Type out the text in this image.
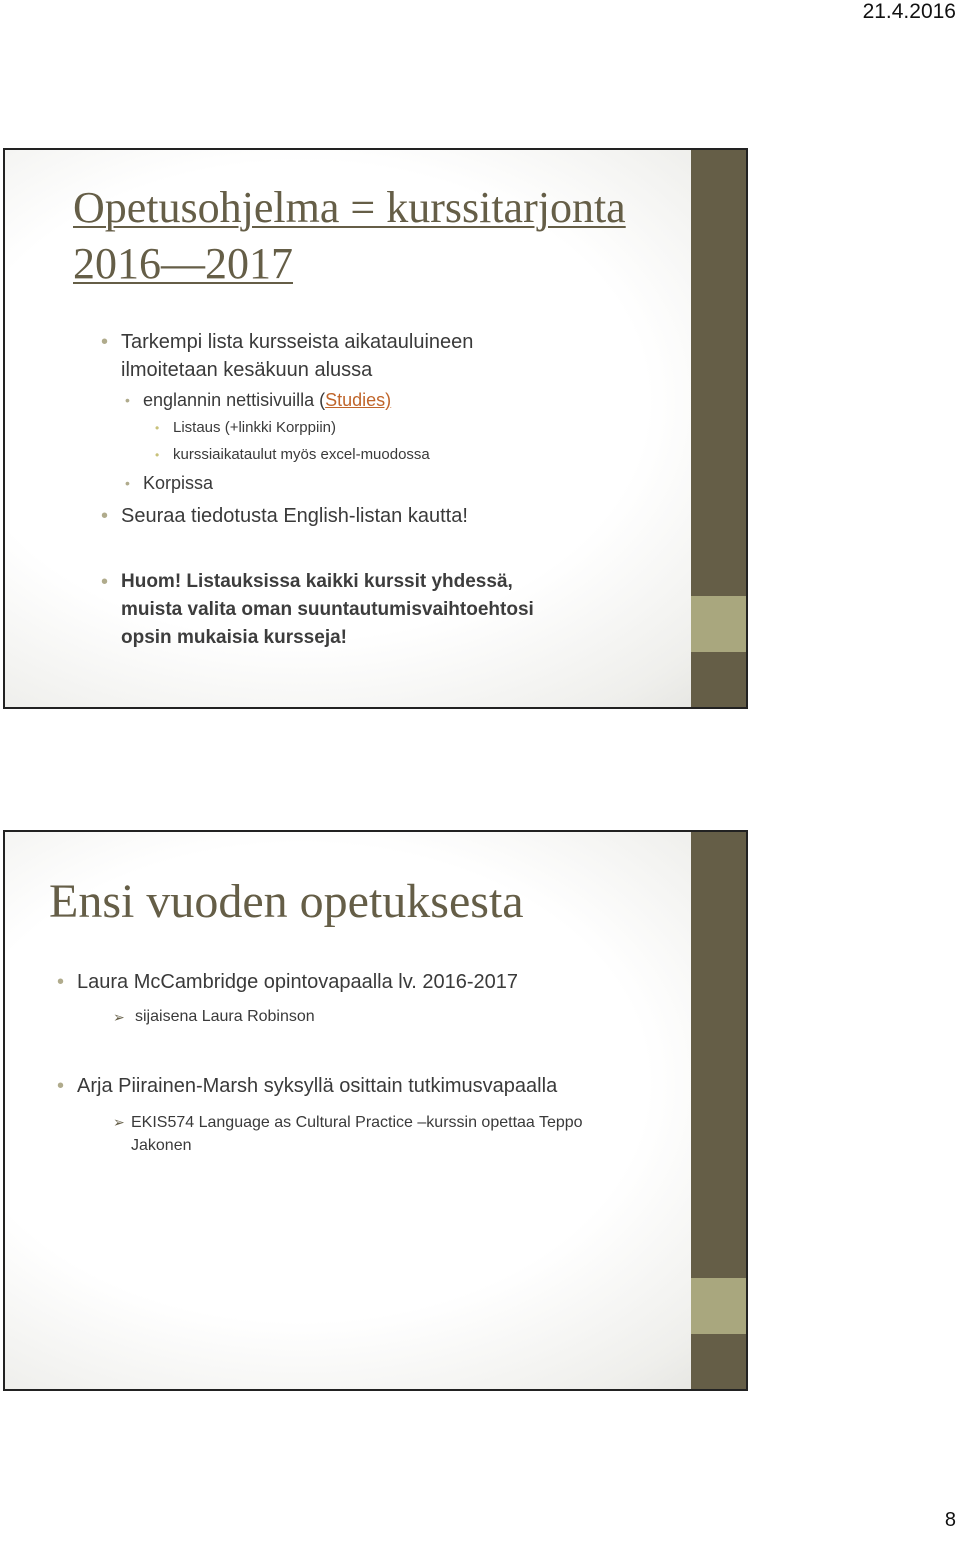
21.4.2016
Opetusohjelma = kurssitarjonta
2016—2017
• Tarkempi lista kursseista aikatauluineen
ilmoitetaan kesäkuun alussa
• englannin nettisivuilla (Studies)
• Listaus (+linkki Korppiin)
• kurssiaikataulut myös excel-muodossa
• Korpissa
• Seuraa tiedotusta English-listan kautta!
• Huom! Listauksissa kaikki kurssit yhdessä,
muista valita oman suuntautumisvaihtoehtosi
opsin mukaisia kursseja!
Ensi vuoden opetuksesta
• Laura McCambridge opintovapaalla lv. 2016-2017
➢ sijaisena Laura Robinson
• Arja Piirainen-Marsh syksyllä osittain tutkimusvapaalla
➢ EKIS574 Language as Cultural Practice –kurssin opettaa Teppo
Jakonen
8
